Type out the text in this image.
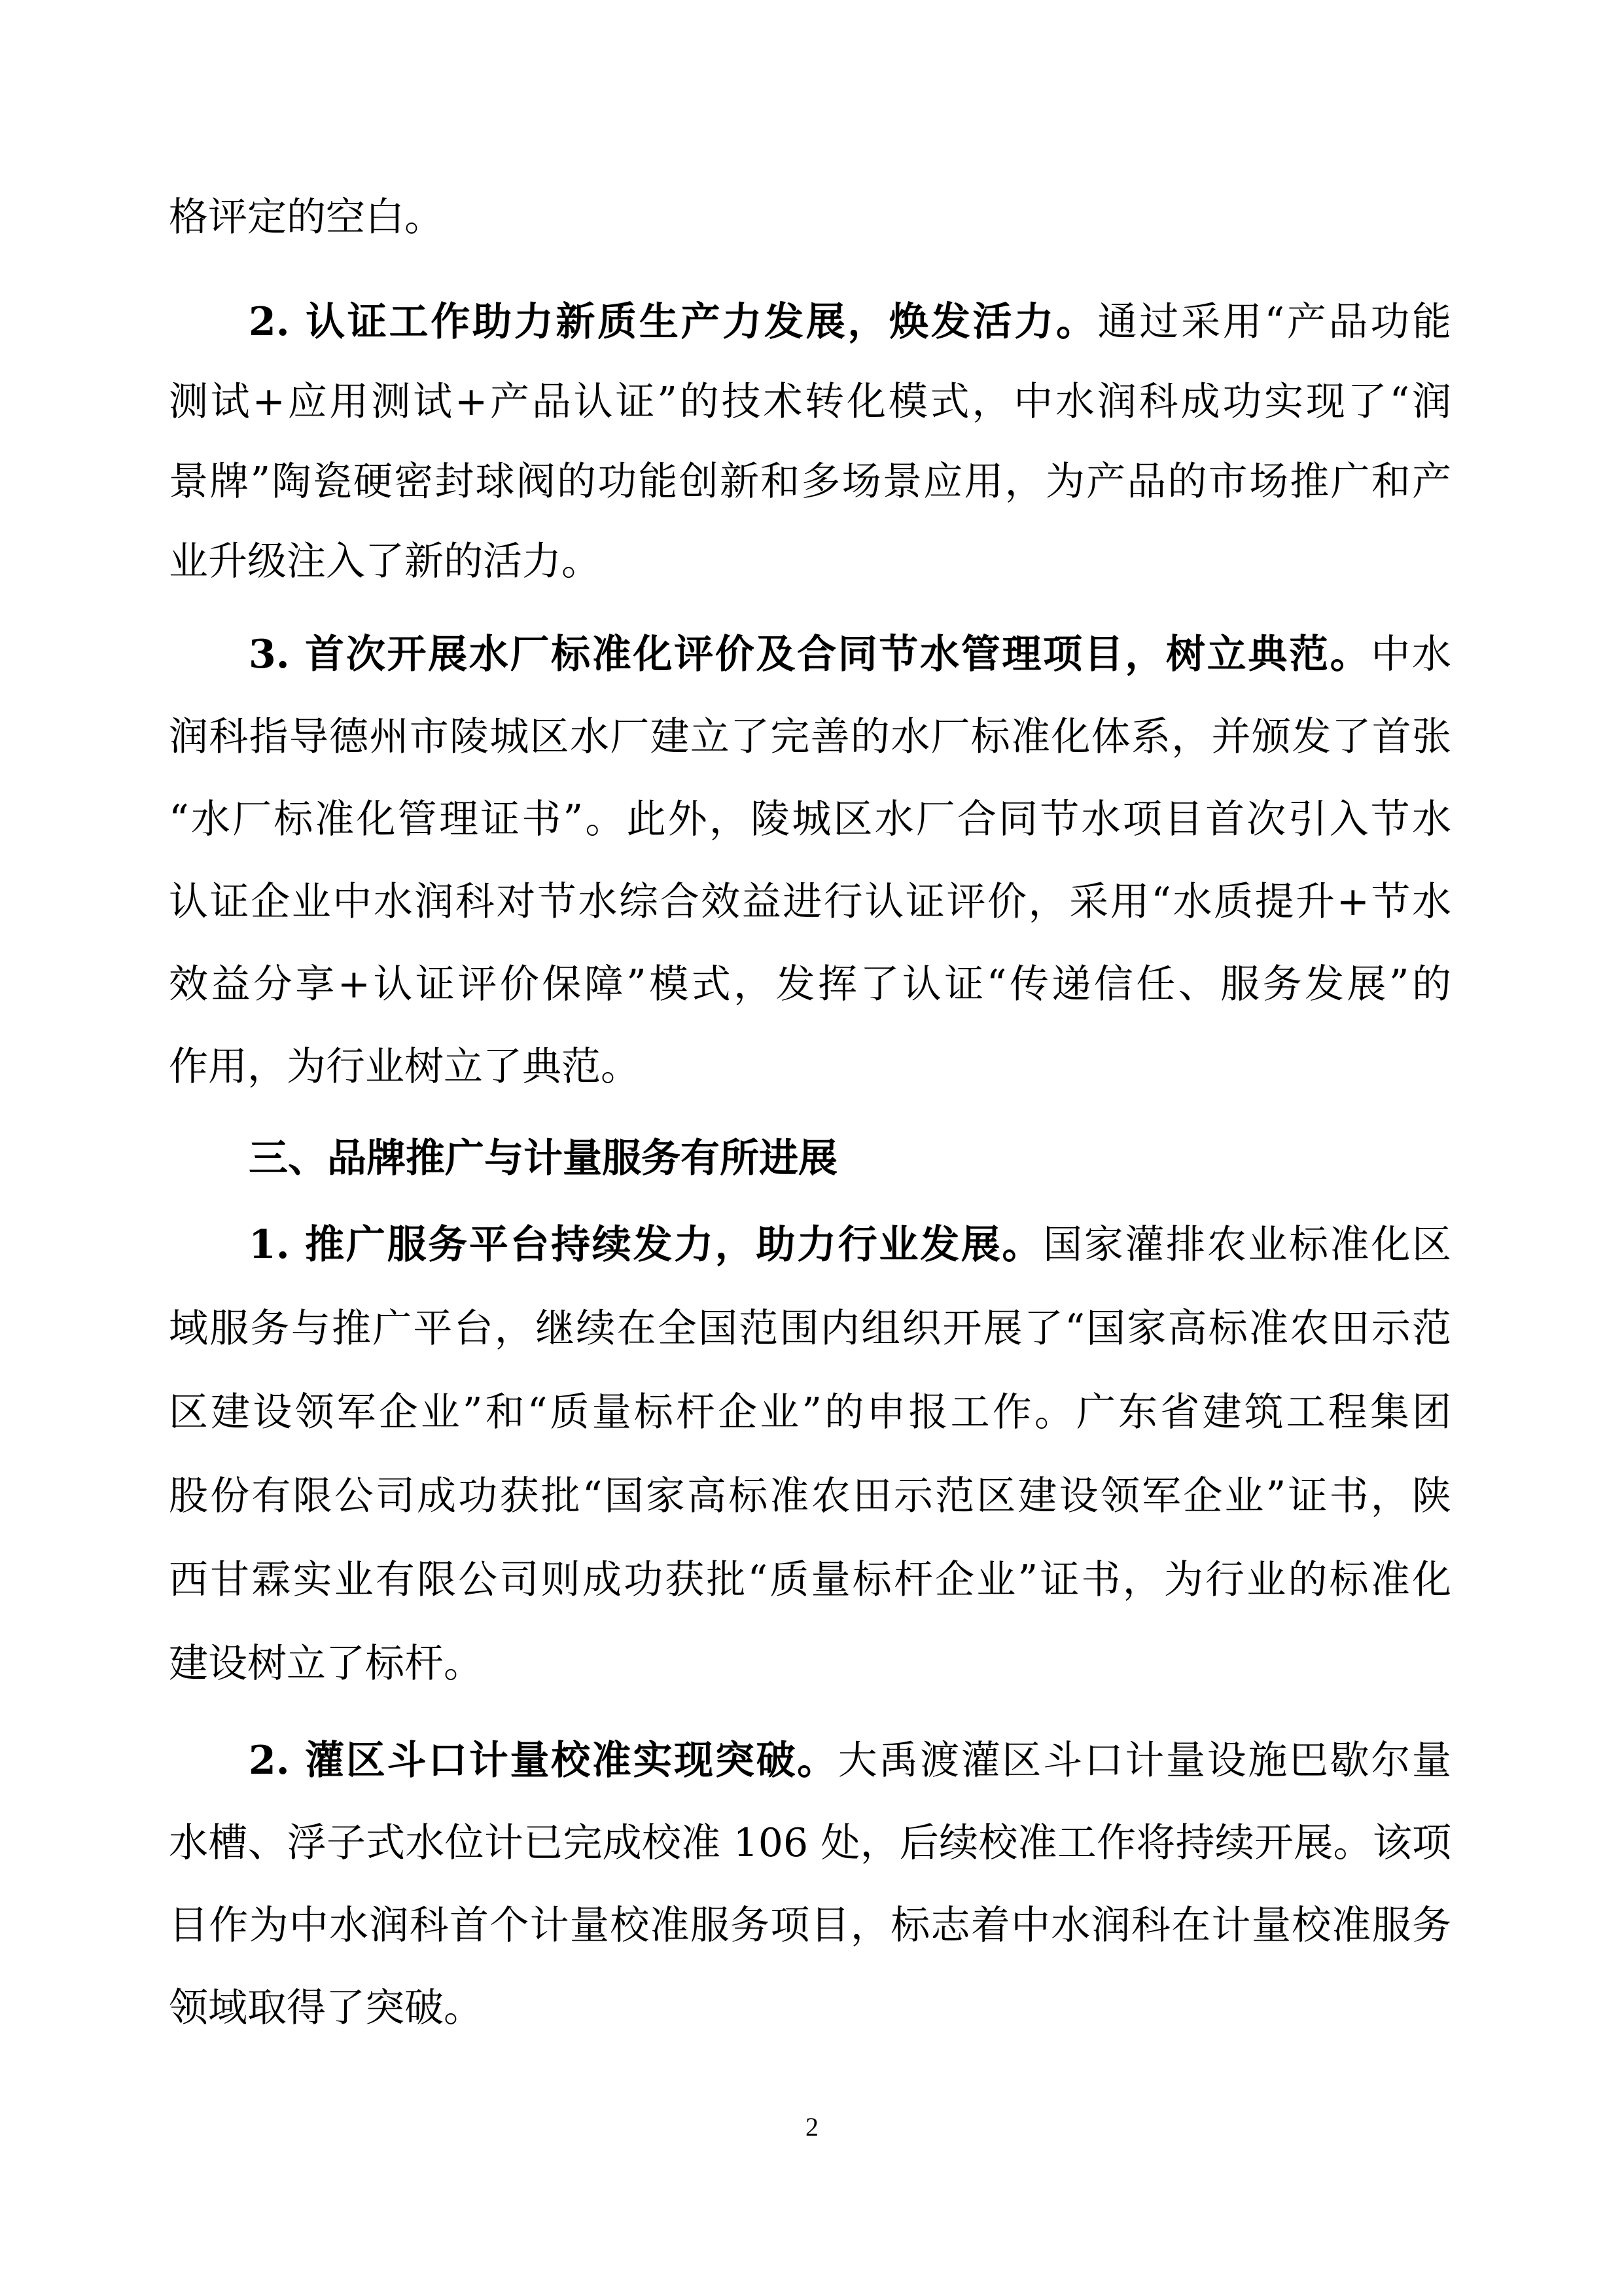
格评定的空白。
2. 认证工作助力新质生产力发展，焕发活力。通过采用“产品功能
测试+应用测试+产品认证”的技术转化模式，中水润科成功实现了“润
景牌”陶瓷硬密封球阀的功能创新和多场景应用，为产品的市场推广和产
业升级注入了新的活力。
3. 首次开展水厂标准化评价及合同节水管理项目，树立典范。中水
润科指导德州市陵城区水厂建立了完善的水厂标准化体系，并颁发了首张
“水厂标准化管理证书”。此外，陵城区水厂合同节水项目首次引入节水
认证企业中水润科对节水综合效益进行认证评价，采用“水质提升+节水
效益分享+认证评价保障”模式，发挥了认证“传递信任、服务发展”的
作用，为行业树立了典范。
三、品牌推广与计量服务有所进展
1. 推广服务平台持续发力，助力行业发展。国家灌排农业标准化区
域服务与推广平台，继续在全国范围内组织开展了“国家高标准农田示范
区建设领军企业”和“质量标杆企业”的申报工作。广东省建筑工程集团
股份有限公司成功获批“国家高标准农田示范区建设领军企业”证书，陕
西甘霖实业有限公司则成功获批“质量标杆企业”证书，为行业的标准化
建设树立了标杆。
2. 灌区斗口计量校准实现突破。大禹渡灌区斗口计量设施巴歇尔量
水槽、浮子式水位计已完成校准 106 处，后续校准工作将持续开展。该项
目作为中水润科首个计量校准服务项目，标志着中水润科在计量校准服务
领域取得了突破。
2
